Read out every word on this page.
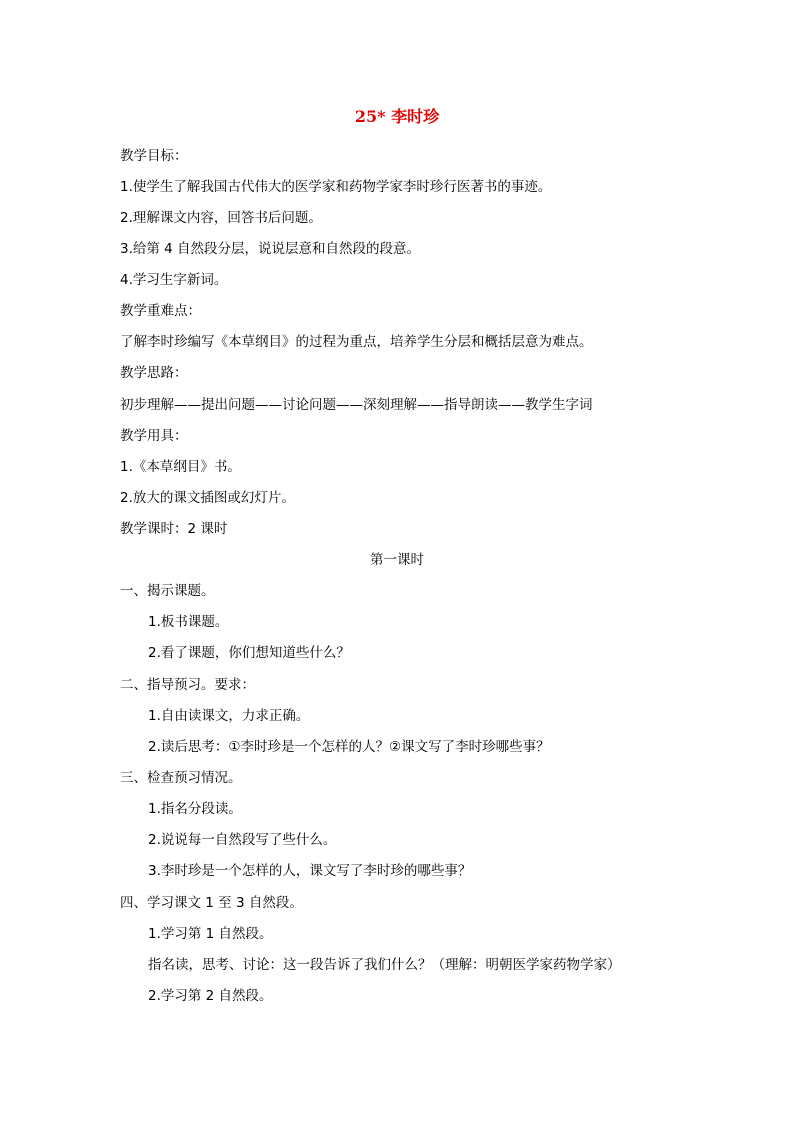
25* 李时珍

教学目标：

1.使学生了解我国古代伟大的医学家和药物学家李时珍行医著书的事迹。

2.理解课文内容，回答书后问题。

3.给第 4 自然段分层，说说层意和自然段的段意。

4.学习生字新词。

教学重难点：

了解李时珍编写《本草纲目》的过程为重点，培养学生分层和概括层意为难点。

教学思路：

初步理解——提出问题——讨论问题——深刻理解——指导朗读——教学生字词

教学用具：

1.《本草纲目》书。

2.放大的课文插图或幻灯片。

教学课时：2 课时

第一课时

一、揭示课题。

1.板书课题。

2.看了课题，你们想知道些什么？

二、指导预习。要求：

1.自由读课文，力求正确。

2.读后思考：①李时珍是一个怎样的人？②课文写了李时珍哪些事？

三、检查预习情况。

1.指名分段读。

2.说说每一自然段写了些什么。

3.李时珍是一个怎样的人，课文写了李时珍的哪些事？

四、学习课文 1 至 3 自然段。

1.学习第 1 自然段。

指名读，思考、讨论：这一段告诉了我们什么？（理解：明朝医学家药物学家）

2.学习第 2 自然段。
